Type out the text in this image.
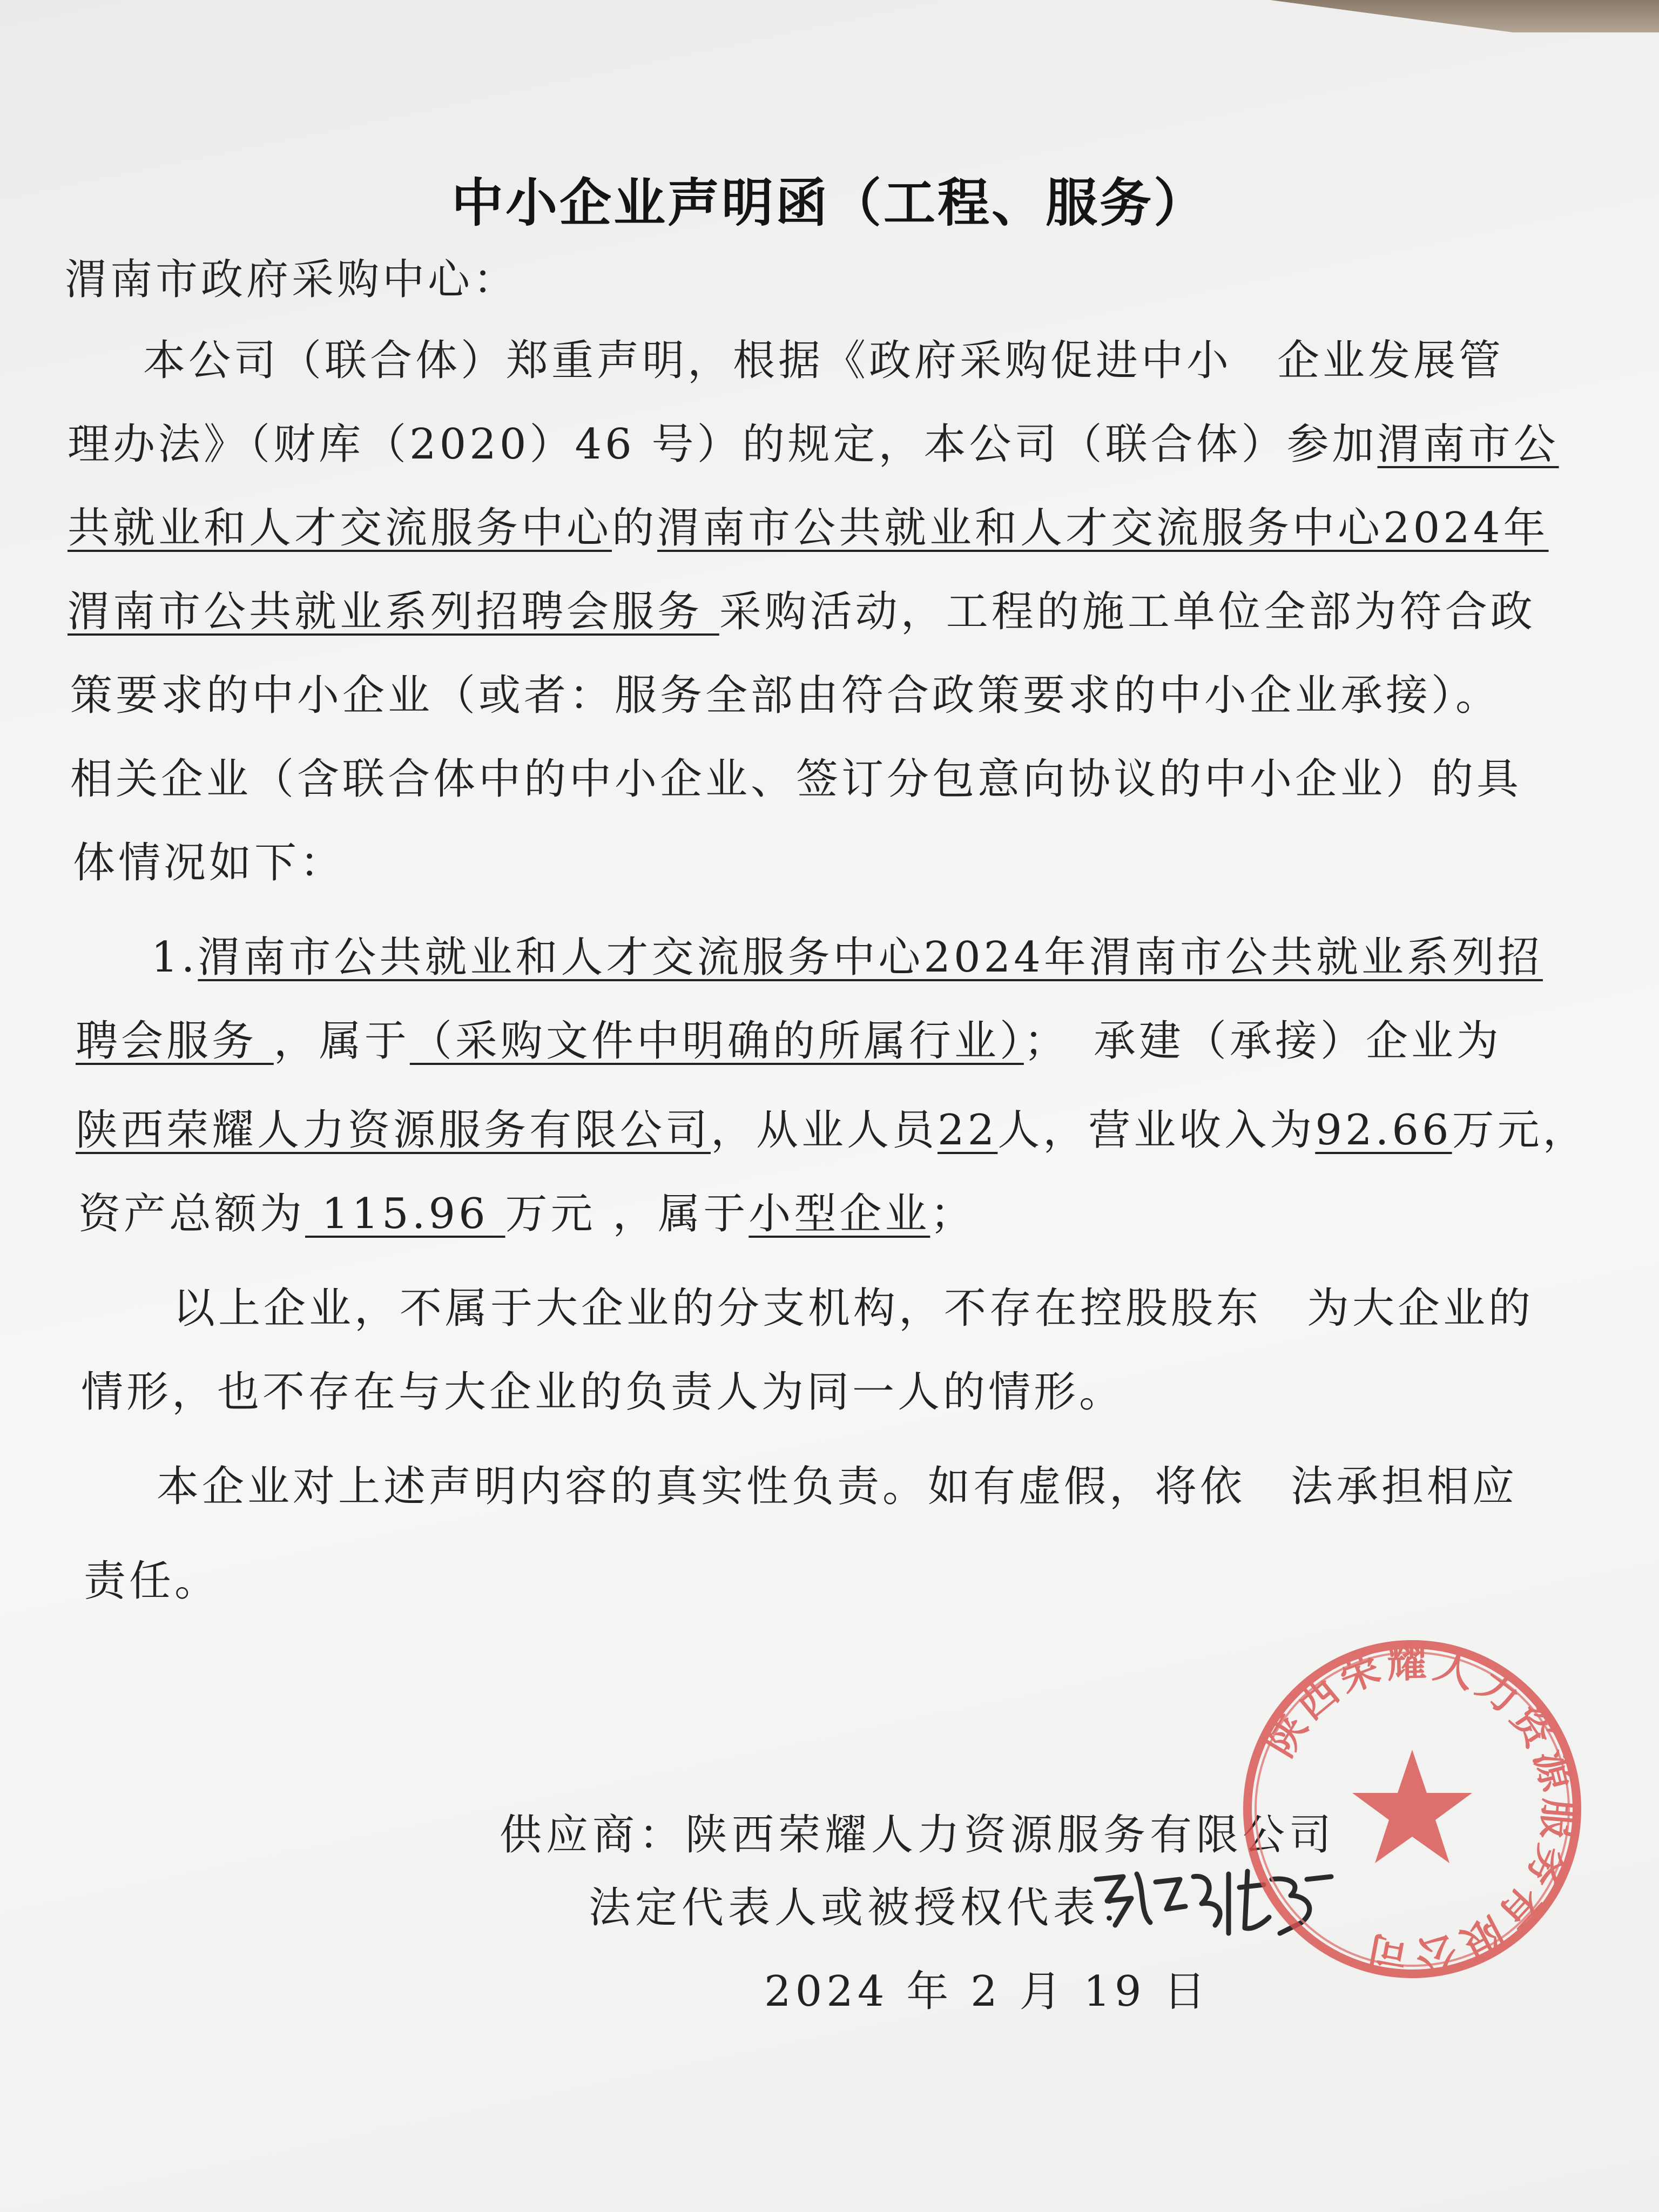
中小企业声明函（工程、服务）
渭南市政府采购中心：
本公司（联合体）郑重声明，根据《政府采购促进中小　企业发展管
理办法》（财库（2020）46 号）的规定，本公司（联合体）参加渭南市公
共就业和人才交流服务中心的渭南市公共就业和人才交流服务中心2024年
渭南市公共就业系列招聘会服务 采购活动，工程的施工单位全部为符合政
策要求的中小企业（或者：服务全部由符合政策要求的中小企业承接）。
相关企业（含联合体中的中小企业、签订分包意向协议的中小企业）的具
体情况如下：
1.渭南市公共就业和人才交流服务中心2024年渭南市公共就业系列招
聘会服务 ，属于（采购文件中明确的所属行业）；　承建（承接）企业为
陕西荣耀人力资源服务有限公司，从业人员22人，营业收入为92.66万元，
资产总额为 115.96 万元 ，属于小型企业；
以上企业，不属于大企业的分支机构，不存在控股股东　为大企业的
情形，也不存在与大企业的负责人为同一人的情形。
本企业对上述声明内容的真实性负责。如有虚假，将依　法承担相应
责任。
供应商：陕西荣耀人力资源服务有限公司
法定代表人或被授权代表：
2024 年 2 月 19 日
陕西荣耀人力资源服务有限公司
